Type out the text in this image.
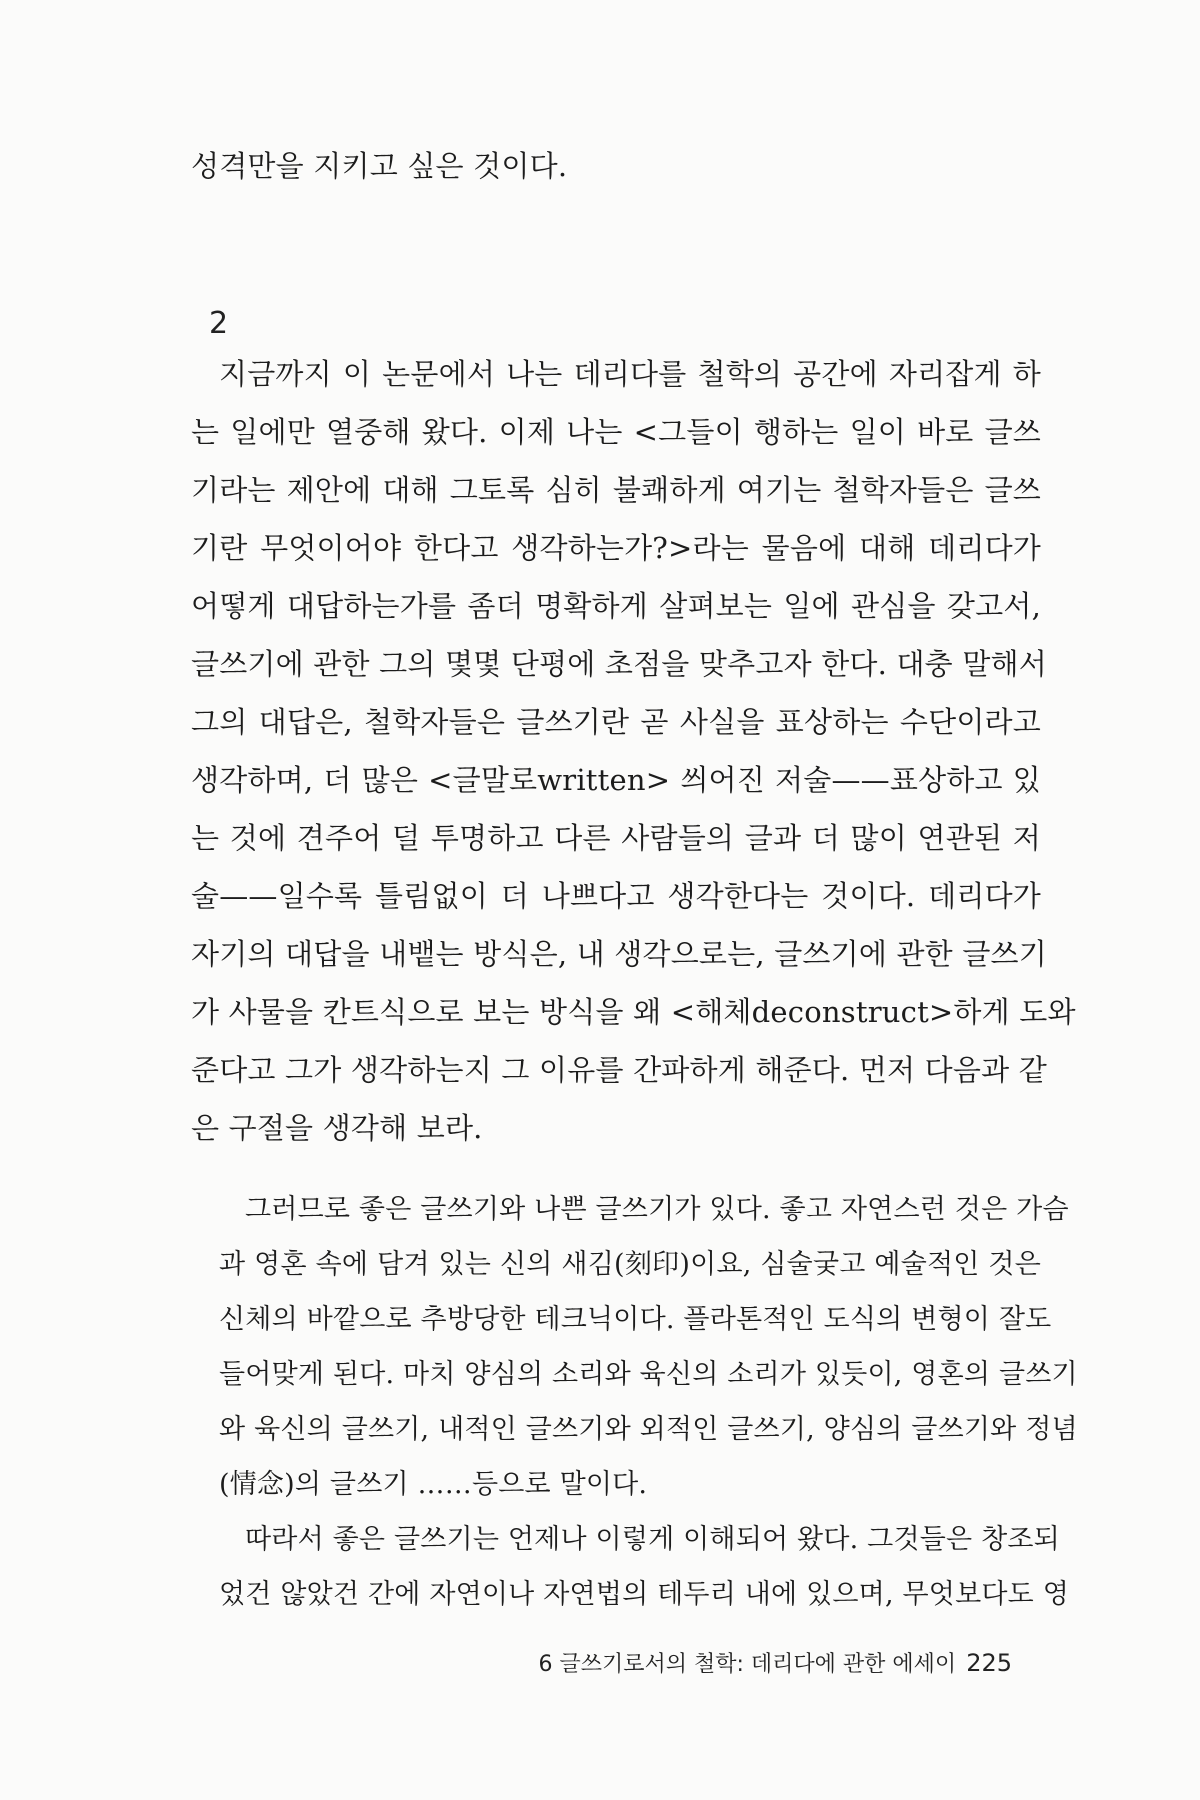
성격만을 지키고 싶은 것이다.
2
지금까지 이 논문에서 나는 데리다를 철학의 공간에 자리잡게 하
는 일에만 열중해 왔다. 이제 나는 <그들이 행하는 일이 바로 글쓰
기라는 제안에 대해 그토록 심히 불쾌하게 여기는 철학자들은 글쓰
기란 무엇이어야 한다고 생각하는가?>라는 물음에 대해 데리다가
어떻게 대답하는가를 좀더 명확하게 살펴보는 일에 관심을 갖고서,
글쓰기에 관한 그의 몇몇 단평에 초점을 맞추고자 한다. 대충 말해서
그의 대답은, 철학자들은 글쓰기란 곧 사실을 표상하는 수단이라고
생각하며, 더 많은 <글말로written> 씌어진 저술——표상하고 있
는 것에 견주어 덜 투명하고 다른 사람들의 글과 더 많이 연관된 저
술——일수록 틀림없이 더 나쁘다고 생각한다는 것이다. 데리다가
자기의 대답을 내뱉는 방식은, 내 생각으로는, 글쓰기에 관한 글쓰기
가 사물을 칸트식으로 보는 방식을 왜 <해체deconstruct>하게 도와
준다고 그가 생각하는지 그 이유를 간파하게 해준다. 먼저 다음과 같
은 구절을 생각해 보라.
그러므로 좋은 글쓰기와 나쁜 글쓰기가 있다. 좋고 자연스런 것은 가슴
과 영혼 속에 담겨 있는 신의 새김(刻印)이요, 심술궂고 예술적인 것은
신체의 바깥으로 추방당한 테크닉이다. 플라톤적인 도식의 변형이 잘도
들어맞게 된다. 마치 양심의 소리와 육신의 소리가 있듯이, 영혼의 글쓰기
와 육신의 글쓰기, 내적인 글쓰기와 외적인 글쓰기, 양심의 글쓰기와 정념
(情念)의 글쓰기 ……등으로 말이다.
따라서 좋은 글쓰기는 언제나 이렇게 이해되어 왔다. 그것들은 창조되
었건 않았건 간에 자연이나 자연법의 테두리 내에 있으며, 무엇보다도 영
6 글쓰기로서의 철학: 데리다에 관한 에세이 225
